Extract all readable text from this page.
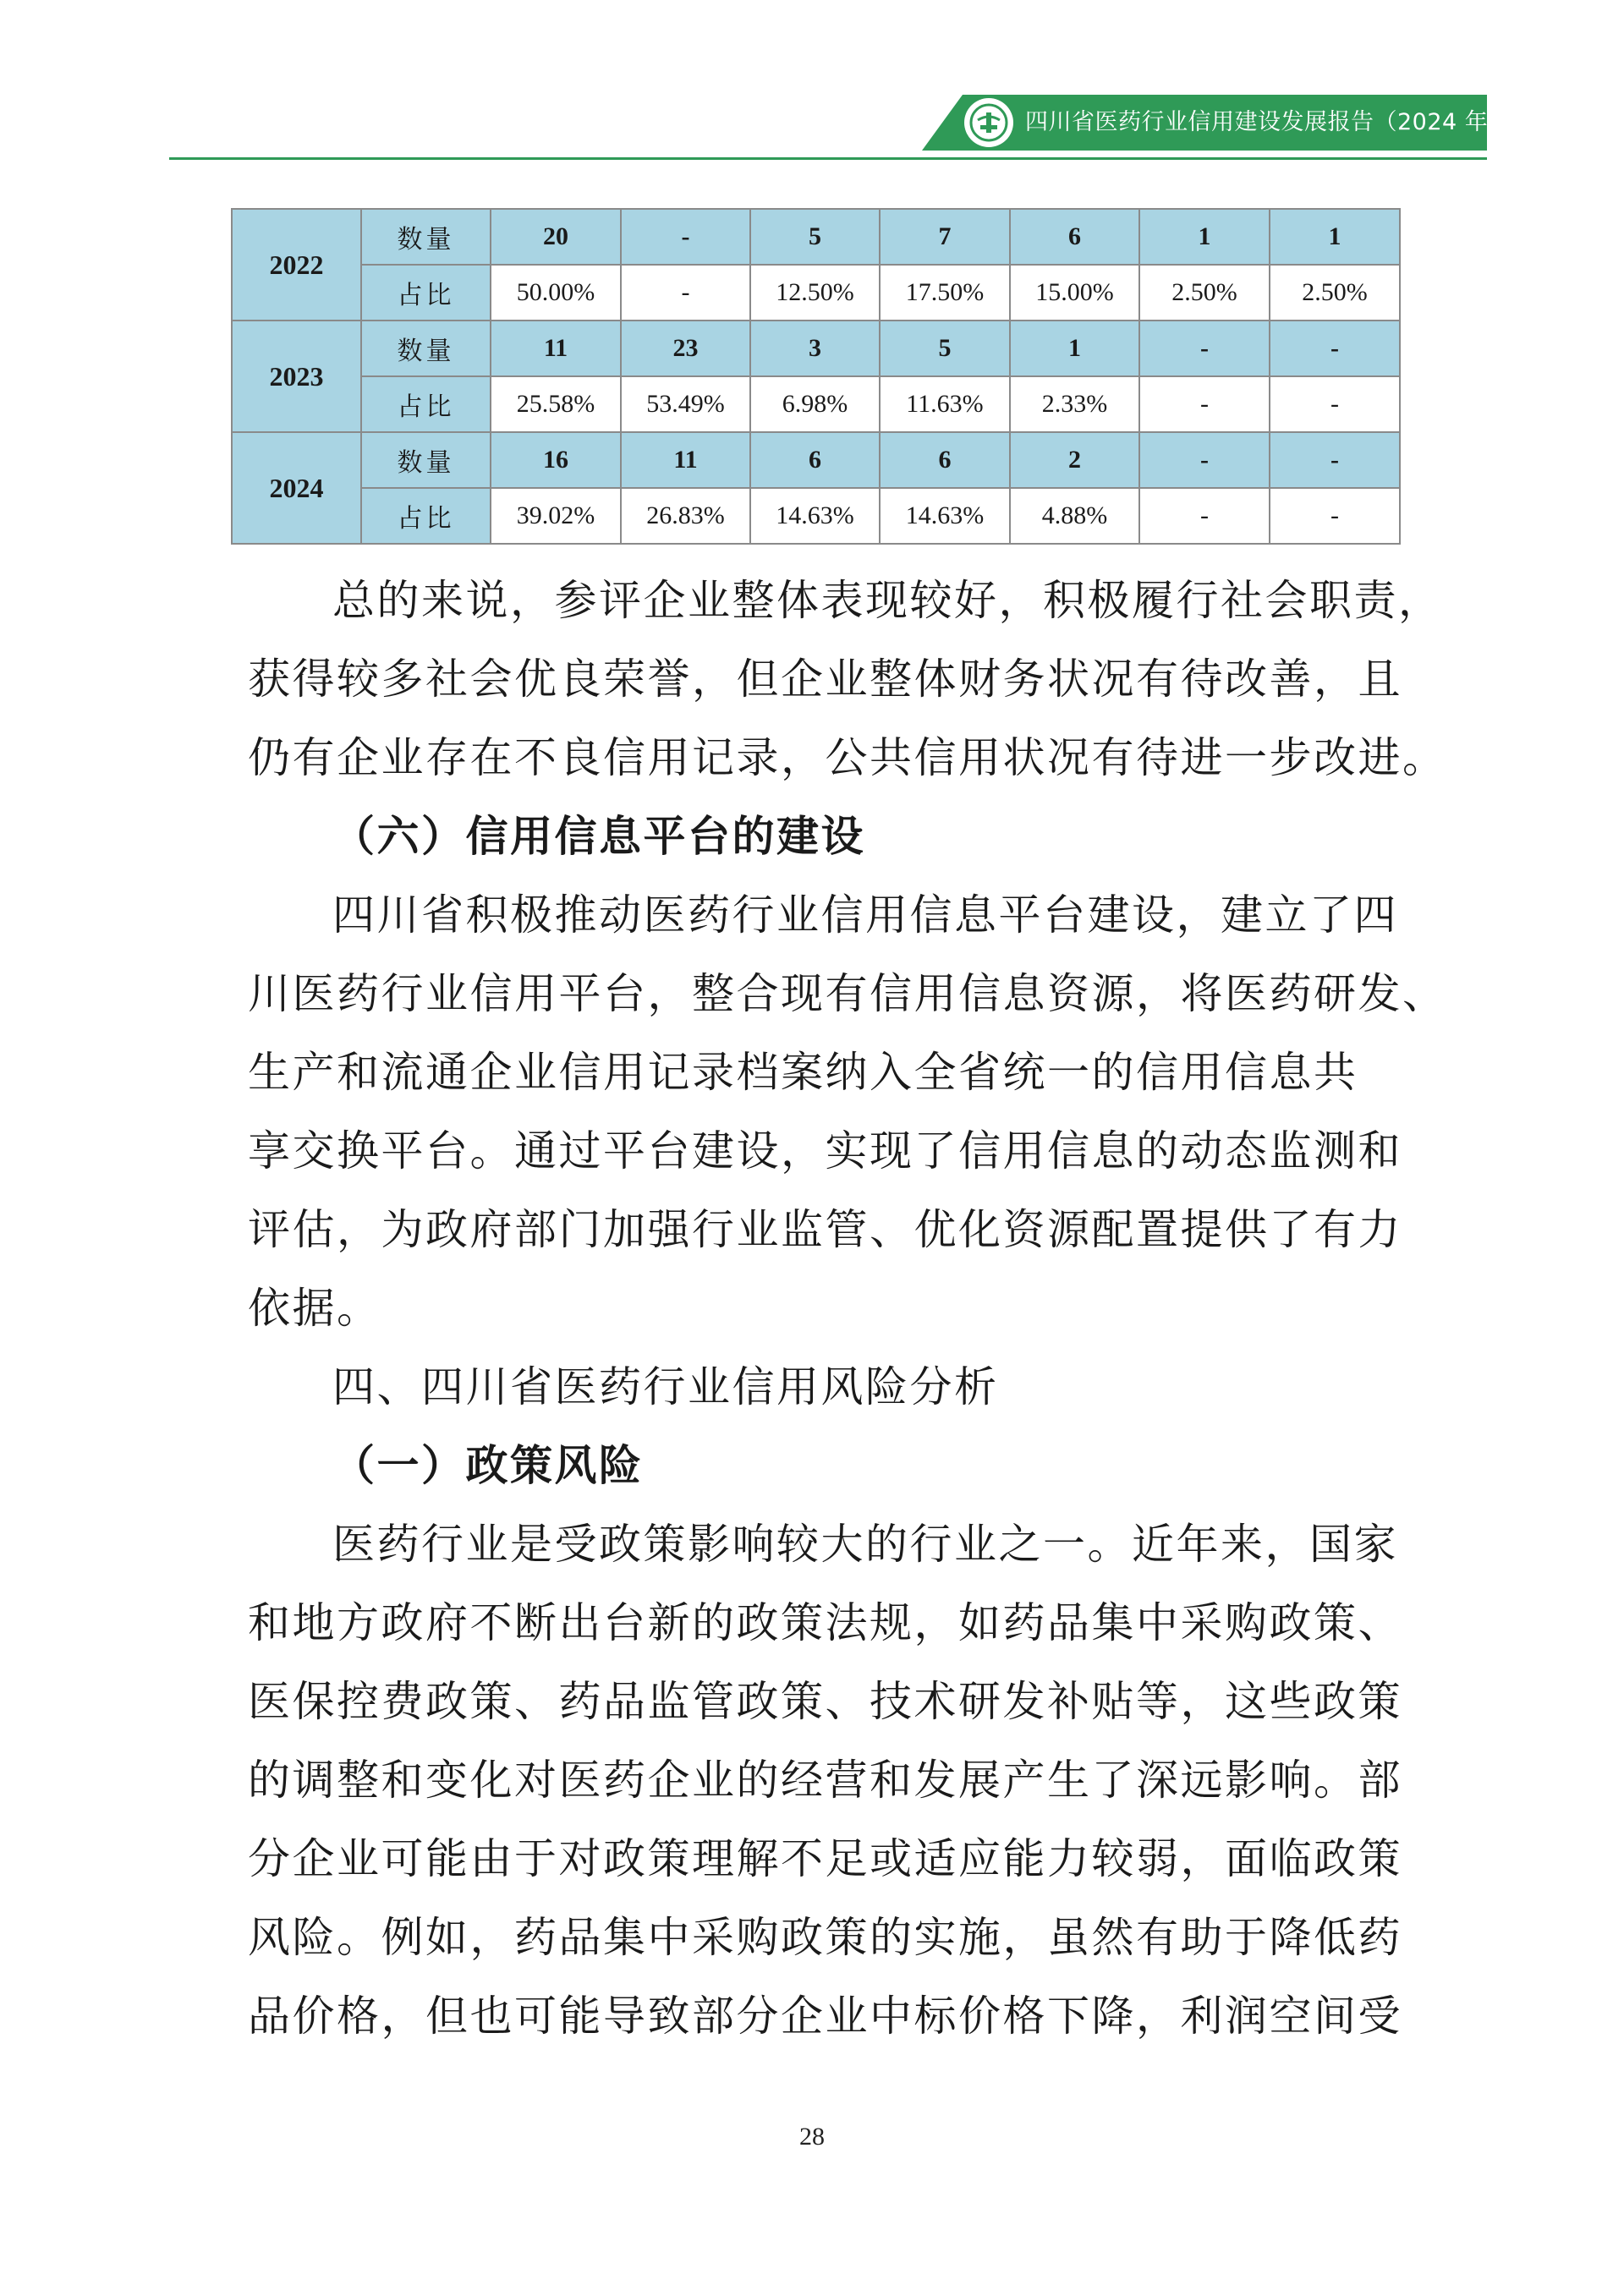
四川省医药行业信用建设发展报告（2024 年度）
2022	数量	20	-	5	7	6	1	1
	占比	50.00%	-	12.50%	17.50%	15.00%	2.50%	2.50%
2023	数量	11	23	3	5	1	-	-
	占比	25.58%	53.49%	6.98%	11.63%	2.33%	-	-
2024	数量	16	11	6	6	2	-	-
	占比	39.02%	26.83%	14.63%	14.63%	4.88%	-	-
总的来说，参评企业整体表现较好，积极履行社会职责，
获得较多社会优良荣誉，但企业整体财务状况有待改善，且
仍有企业存在不良信用记录，公共信用状况有待进一步改进。
（六）信用信息平台的建设
四川省积极推动医药行业信用信息平台建设，建立了四
川医药行业信用平台，整合现有信用信息资源，将医药研发、
生产和流通企业信用记录档案纳入全省统一的信用信息共
享交换平台。通过平台建设，实现了信用信息的动态监测和
评估，为政府部门加强行业监管、优化资源配置提供了有力
依据。
四、四川省医药行业信用风险分析
（一）政策风险
医药行业是受政策影响较大的行业之一。近年来，国家
和地方政府不断出台新的政策法规，如药品集中采购政策、
医保控费政策、药品监管政策、技术研发补贴等，这些政策
的调整和变化对医药企业的经营和发展产生了深远影响。部
分企业可能由于对政策理解不足或适应能力较弱，面临政策
风险。例如，药品集中采购政策的实施，虽然有助于降低药
品价格，但也可能导致部分企业中标价格下降，利润空间受
28
